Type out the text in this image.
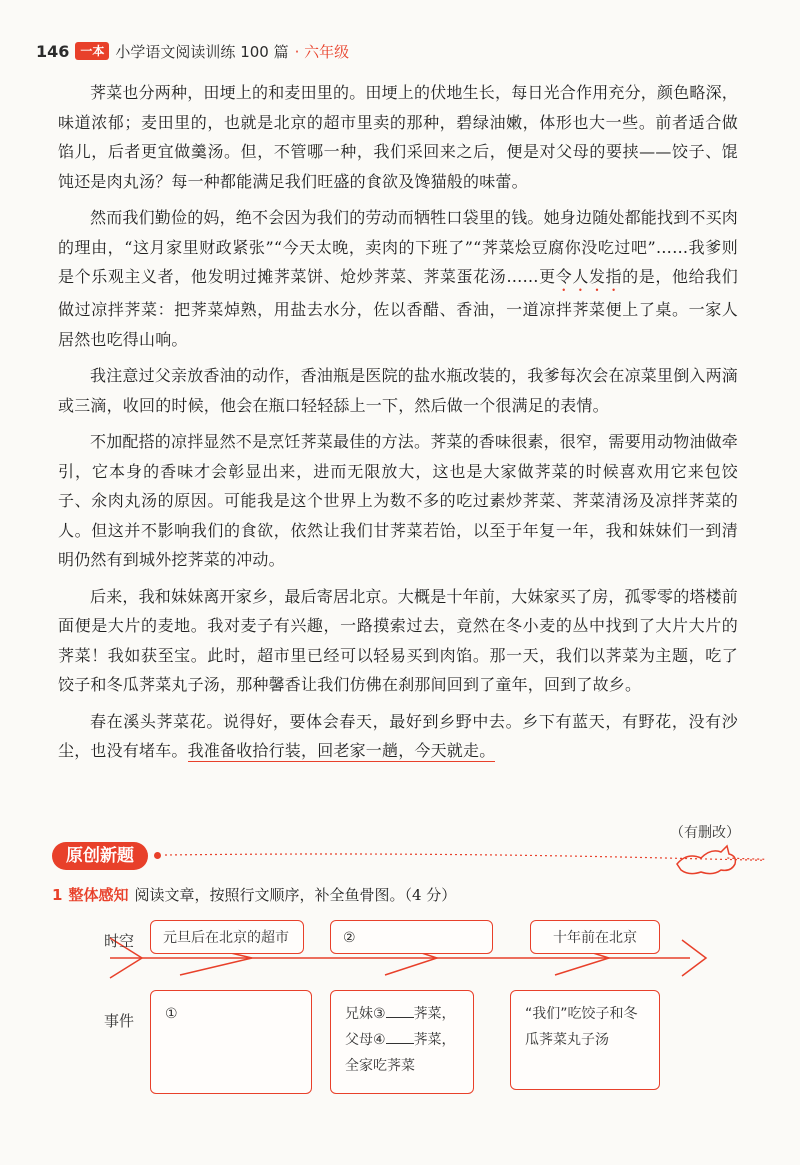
146 一本 小学语文阅读训练 100 篇 · 六年级

荠菜也分两种，田埂上的和麦田里的。田埂上的伏地生长，每日光合作用充分，颜色略深，味道浓郁；麦田里的，也就是北京的超市里卖的那种，碧绿油嫩，体形也大一些。前者适合做馅儿，后者更宜做羹汤。但，不管哪一种，我们采回来之后，便是对父母的要挟——饺子、馄饨还是肉丸汤？每一种都能满足我们旺盛的食欲及馋猫般的味蕾。

然而我们勤俭的妈，绝不会因为我们的劳动而牺牲口袋里的钱。她身边随处都能找到不买肉的理由，“这月家里财政紧张”“今天太晚，卖肉的下班了”“荠菜烩豆腐你没吃过吧”……我爹则是个乐观主义者，他发明过摊荠菜饼、炝炒荠菜、荠菜蛋花汤……更令人发指的是，他给我们做过凉拌荠菜：把荠菜焯熟，用盐去水分，佐以香醋、香油，一道凉拌荠菜便上了桌。一家人居然也吃得山响。

我注意过父亲放香油的动作，香油瓶是医院的盐水瓶改装的，我爹每次会在凉菜里倒入两滴或三滴，收回的时候，他会在瓶口轻轻舔上一下，然后做一个很满足的表情。

不加配搭的凉拌显然不是烹饪荠菜最佳的方法。荠菜的香味很素，很窄，需要用动物油做牵引，它本身的香味才会彰显出来，进而无限放大，这也是大家做荠菜的时候喜欢用它来包饺子、氽肉丸汤的原因。可能我是这个世界上为数不多的吃过素炒荠菜、荠菜清汤及凉拌荠菜的人。但这并不影响我们的食欲，依然让我们甘荠菜若饴，以至于年复一年，我和妹妹们一到清明仍然有到城外挖荠菜的冲动。

后来，我和妹妹离开家乡，最后寄居北京。大概是十年前，大妹家买了房，孤零零的塔楼前面便是大片的麦地。我对麦子有兴趣，一路摸索过去，竟然在冬小麦的丛中找到了大片大片的荠菜！我如获至宝。此时，超市里已经可以轻易买到肉馅。那一天，我们以荠菜为主题，吃了饺子和冬瓜荠菜丸子汤，那种馨香让我们仿佛在刹那间回到了童年，回到了故乡。

春在溪头荠菜花。说得好，要体会春天，最好到乡野中去。乡下有蓝天，有野花，没有沙尘，也没有堵车。我准备收拾行装，回老家一趟，今天就走。

（有删改）
原创新题
1 整体感知 阅读文章，按照行文顺序，补全鱼骨图。（4 分）
时空
事件
元旦后在北京的超市	②	十年前在北京
①	兄妹③ 荠菜，
父母④ 荠菜，
全家吃荠菜
“我们”吃饺子和冬瓜荠菜丸子汤
